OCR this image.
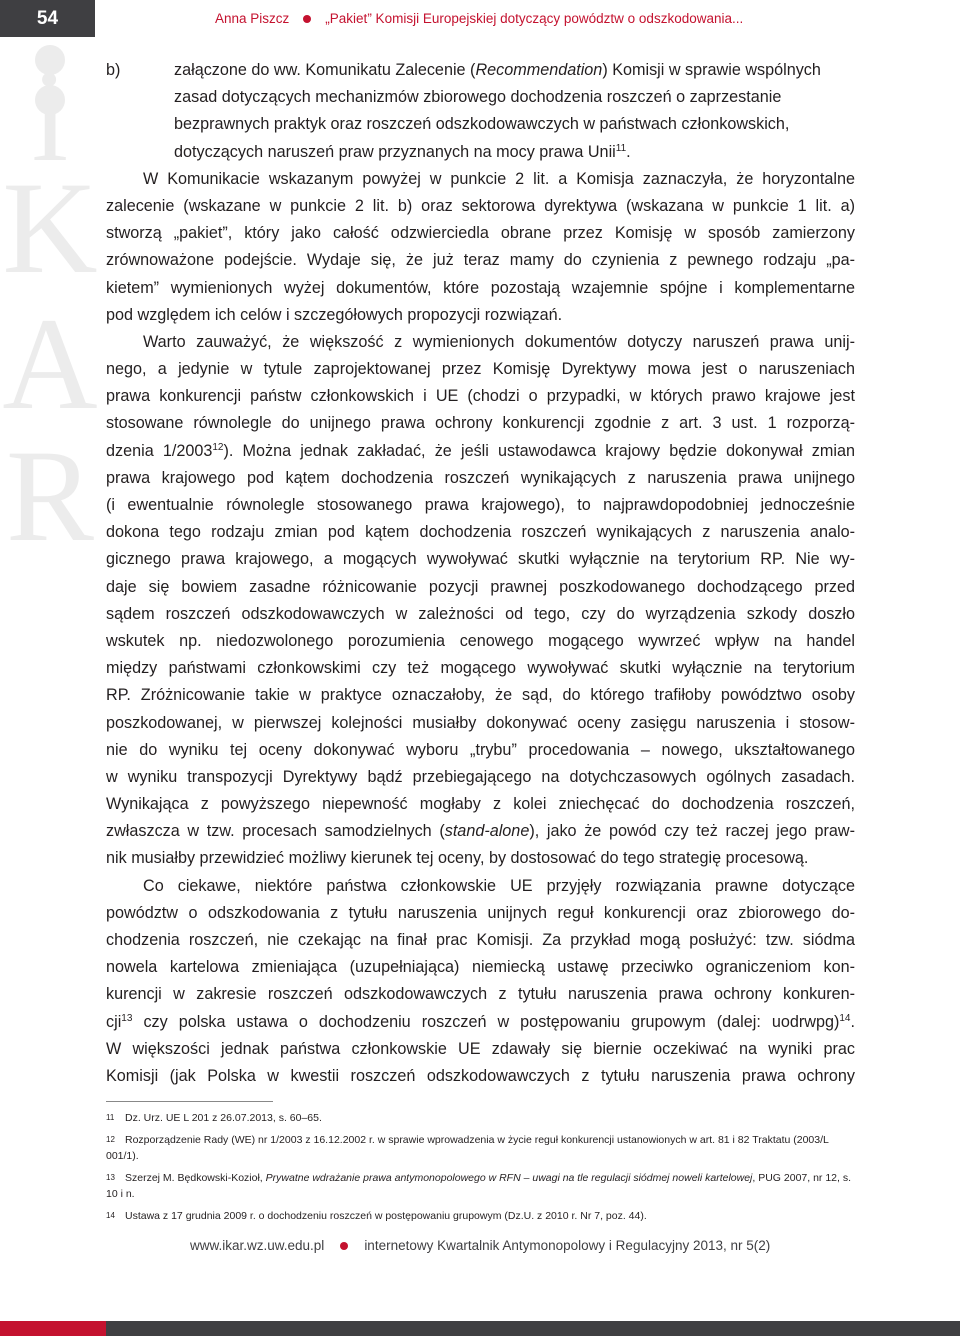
54	Anna Piszcz	„Pakiet” Komisji Europejskiej dotyczący powództw o odszkodowania...
i
K
A
R
b)	załączone do ww. Komunikatu Zalecenie (Recommendation) Komisji w sprawie wspólnych
zasad dotyczących mechanizmów zbiorowego dochodzenia roszczeń o zaprzestanie
bezprawnych praktyk oraz roszczeń odszkodowawczych w państwach członkowskich,
dotyczących naruszeń praw przyznanych na mocy prawa Unii$^{11}$.
W Komunikacie wskazanym powyżej w punkcie 2 lit. a Komisja zaznaczyła, że horyzontalne
zalecenie (wskazane w punkcie 2 lit. b) oraz sektorowa dyrektywa (wskazana w punkcie 1 lit. a)
stworzą „pakiet”, który jako całość odzwierciedla obrane przez Komisję w sposób zamierzony
zrównoważone podejście. Wydaje się, że już teraz mamy do czynienia z pewnego rodzaju „pa-
kietem” wymienionych wyżej dokumentów, które pozostają wzajemnie spójne i komplementarne
pod względem ich celów i szczegółowych propozycji rozwiązań.
Warto zauważyć, że większość z wymienionych dokumentów dotyczy naruszeń prawa unij-
nego, a jedynie w tytule zaprojektowanej przez Komisję Dyrektywy mowa jest o naruszeniach
prawa konkurencji państw członkowskich i UE (chodzi o przypadki, w których prawo krajowe jest
stosowane równolegle do unijnego prawa ochrony konkurencji zgodnie z art. 3 ust. 1 rozporzą-
dzenia 1/2003$^{12}$). Można jednak zakładać, że jeśli ustawodawca krajowy będzie dokonywał zmian
prawa krajowego pod kątem dochodzenia roszczeń wynikających z naruszenia prawa unijnego
(i ewentualnie równolegle stosowanego prawa krajowego), to najprawdopodobniej jednocześnie
dokona tego rodzaju zmian pod kątem dochodzenia roszczeń wynikających z naruszenia analo-
gicznego prawa krajowego, a mogących wywoływać skutki wyłącznie na terytorium RP. Nie wy-
daje się bowiem zasadne różnicowanie pozycji prawnej poszkodowanego dochodzącego przed
sądem roszczeń odszkodowawczych w zależności od tego, czy do wyrządzenia szkody doszło
wskutek np. niedozwolonego porozumienia cenowego mogącego wywrzeć wpływ na handel
między państwami członkowskimi czy też mogącego wywoływać skutki wyłącznie na terytorium
RP. Zróżnicowanie takie w praktyce oznaczałoby, że sąd, do którego trafiłoby powództwo osoby
poszkodowanej, w pierwszej kolejności musiałby dokonywać oceny zasięgu naruszenia i stosow-
nie do wyniku tej oceny dokonywać wyboru „trybu” procedowania – nowego, ukształtowanego
w wyniku transpozycji Dyrektywy bądź przebiegającego na dotychczasowych ogólnych zasadach.
Wynikająca z powyższego niepewność mogłaby z kolei zniechęcać do dochodzenia roszczeń,
zwłaszcza w tzw. procesach samodzielnych (stand-alone), jako że powód czy też raczej jego praw-
nik musiałby przewidzieć możliwy kierunek tej oceny, by dostosować do tego strategię procesową.
Co ciekawe, niektóre państwa członkowskie UE przyjęły rozwiązania prawne dotyczące
powództw o odszkodowania z tytułu naruszenia unijnych reguł konkurencji oraz zbiorowego do-
chodzenia roszczeń, nie czekając na finał prac Komisji. Za przykład mogą posłużyć: tzw. siódma
nowela kartelowa zmieniająca (uzupełniająca) niemiecką ustawę przeciwko ograniczeniom kon-
kurencji w zakresie roszczeń odszkodowawczych z tytułu naruszenia prawa ochrony konkuren-
cji$^{13}$ czy polska ustawa o dochodzeniu roszczeń w postępowaniu grupowym (dalej: uodrwpg)$^{14}$.
W większości jednak państwa członkowskie UE zdawały się biernie oczekiwać na wyniki prac
Komisji (jak Polska w kwestii roszczeń odszkodowawczych z tytułu naruszenia prawa ochrony
11 Dz. Urz. UE L 201 z 26.07.2013, s. 60–65.
12 Rozporządzenie Rady (WE) nr 1/2003 z 16.12.2002 r. w sprawie wprowadzenia w życie reguł konkurencji ustanowionych w art. 81 i 82 Traktatu (2003/L 001/1).
13 Szerzej M. Będkowski-Kozioł, Prywatne wdrażanie prawa antymonopolowego w RFN – uwagi na tle regulacji siódmej noweli kartelowej, PUG 2007, nr 12, s. 10 i n.
14 Ustawa z 17 grudnia 2009 r. o dochodzeniu roszczeń w postępowaniu grupowym (Dz.U. z 2010 r. Nr 7, poz. 44).
www.ikar.wz.uw.edu.pl	internetowy Kwartalnik Antymonopolowy i Regulacyjny 2013, nr 5(2)
